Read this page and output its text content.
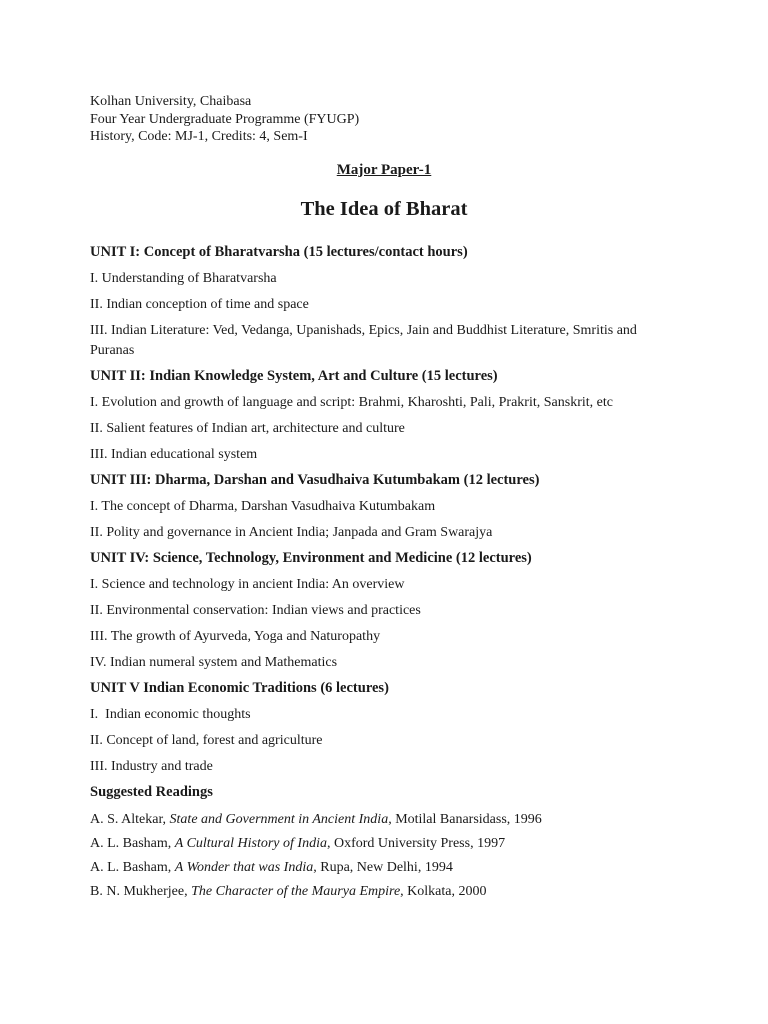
Kolhan University, Chaibasa
Four Year Undergraduate Programme (FYUGP)
History, Code: MJ-1, Credits: 4, Sem-I
Major Paper-1
The Idea of Bharat
UNIT I: Concept of Bharatvarsha (15 lectures/contact hours)
I. Understanding of Bharatvarsha
II. Indian conception of time and space
III. Indian Literature: Ved, Vedanga, Upanishads, Epics, Jain and Buddhist Literature, Smritis and Puranas
UNIT II: Indian Knowledge System, Art and Culture (15 lectures)
I. Evolution and growth of language and script: Brahmi, Kharoshti, Pali, Prakrit, Sanskrit, etc
II. Salient features of Indian art, architecture and culture
III. Indian educational system
UNIT III: Dharma, Darshan and Vasudhaiva Kutumbakam (12 lectures)
I. The concept of Dharma, Darshan Vasudhaiva Kutumbakam
II. Polity and governance in Ancient India; Janpada and Gram Swarajya
UNIT IV: Science, Technology, Environment and Medicine (12 lectures)
I. Science and technology in ancient India: An overview
II. Environmental conservation: Indian views and practices
III. The growth of Ayurveda, Yoga and Naturopathy
IV. Indian numeral system and Mathematics
UNIT V Indian Economic Traditions (6 lectures)
I.  Indian economic thoughts
II. Concept of land, forest and agriculture
III. Industry and trade
Suggested Readings
A. S. Altekar, State and Government in Ancient India, Motilal Banarsidass, 1996
A. L. Basham, A Cultural History of India, Oxford University Press, 1997
A. L. Basham, A Wonder that was India, Rupa, New Delhi, 1994
B. N. Mukherjee, The Character of the Maurya Empire, Kolkata, 2000
